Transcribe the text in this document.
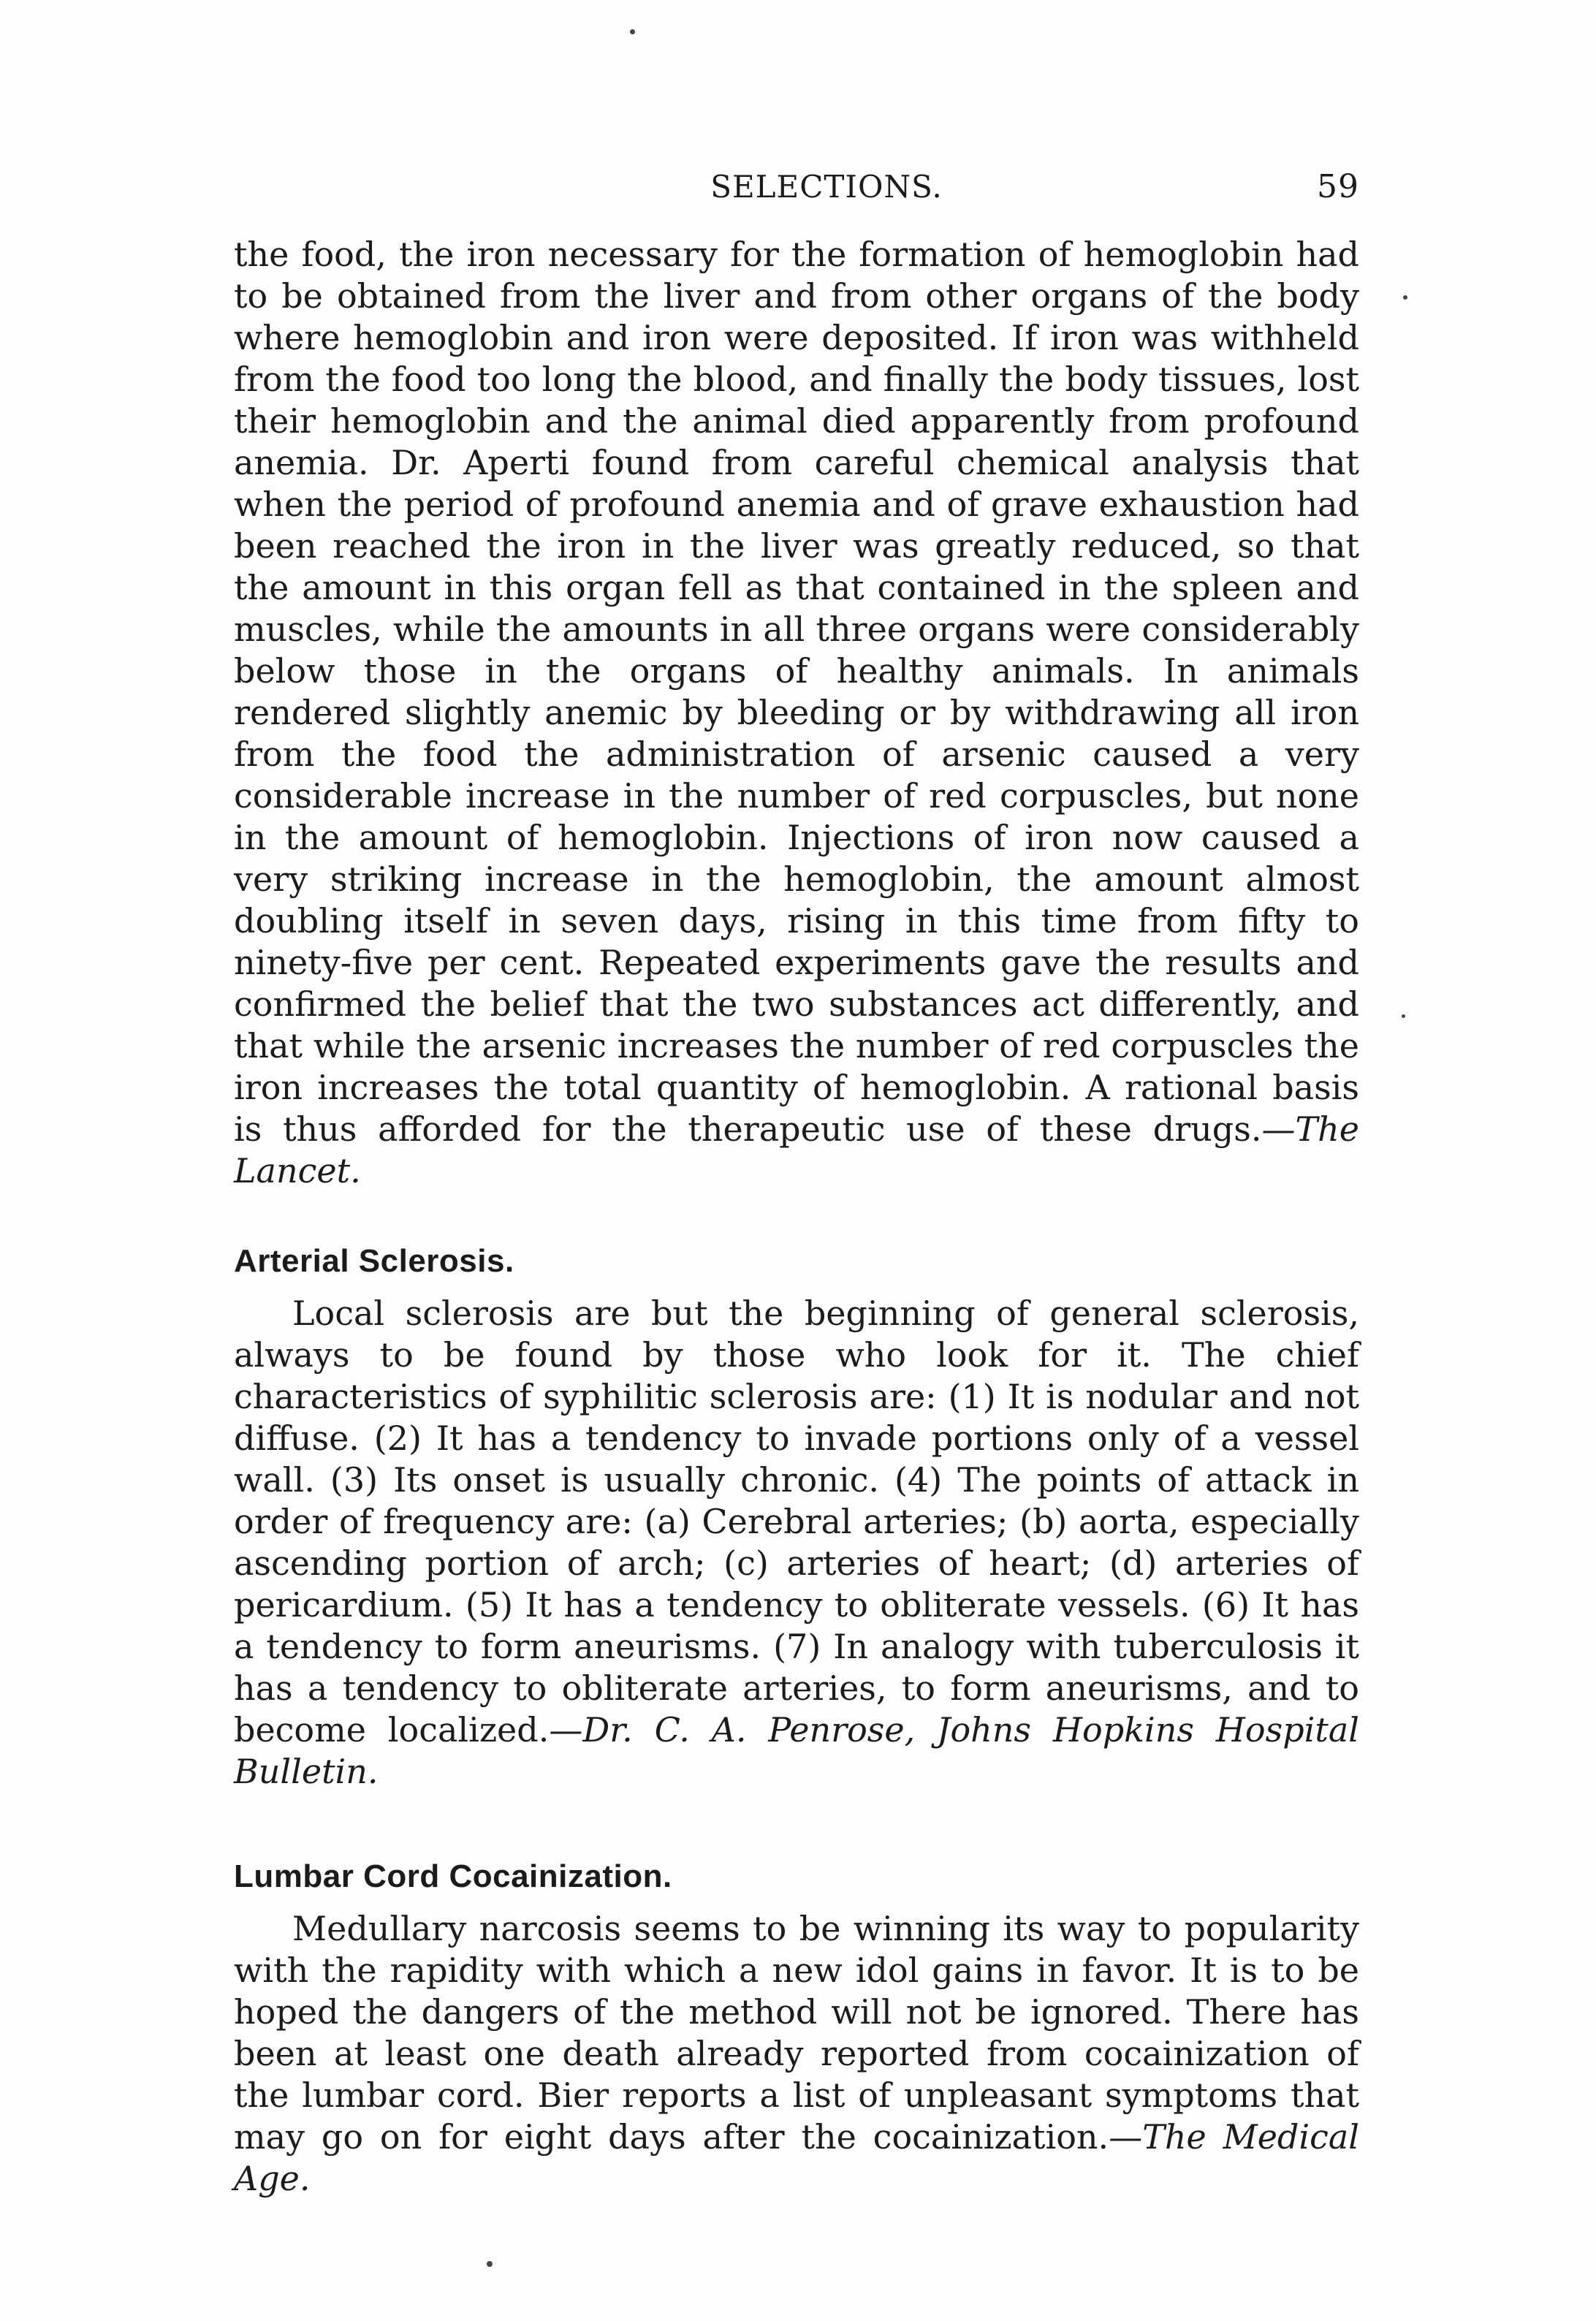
SELECTIONS.	59

the food, the iron necessary for the formation of hemoglobin had to be obtained from the liver and from other organs of the body where hemoglobin and iron were deposited. If iron was withheld from the food too long the blood, and finally the body tissues, lost their hemoglobin and the animal died apparently from profound anemia. Dr. Aperti found from careful chemical analysis that when the period of profound anemia and of grave exhaustion had been reached the iron in the liver was greatly reduced, so that the amount in this organ fell as that contained in the spleen and muscles, while the amounts in all three organs were considerably below those in the organs of healthy animals. In animals rendered slightly anemic by bleeding or by withdrawing all iron from the food the administration of arsenic caused a very considerable increase in the number of red corpuscles, but none in the amount of hemoglobin. Injections of iron now caused a very striking increase in the hemoglobin, the amount almost doubling itself in seven days, rising in this time from fifty to ninety-five per cent. Repeated experiments gave the results and confirmed the belief that the two substances act differently, and that while the arsenic increases the number of red corpuscles the iron increases the total quantity of hemoglobin. A rational basis is thus afforded for the therapeutic use of these drugs.—The Lancet.

Arterial Sclerosis.

Local sclerosis are but the beginning of general sclerosis, always to be found by those who look for it. The chief characteristics of syphilitic sclerosis are: (1) It is nodular and not diffuse. (2) It has a tendency to invade portions only of a vessel wall. (3) Its onset is usually chronic. (4) The points of attack in order of frequency are: (a) Cerebral arteries; (b) aorta, especially ascending portion of arch; (c) arteries of heart; (d) arteries of pericardium. (5) It has a tendency to obliterate vessels. (6) It has a tendency to form aneurisms. (7) In analogy with tuberculosis it has a tendency to obliterate arteries, to form aneurisms, and to become localized.—Dr. C. A. Penrose, Johns Hopkins Hospital Bulletin.

Lumbar Cord Cocainization.

Medullary narcosis seems to be winning its way to popularity with the rapidity with which a new idol gains in favor. It is to be hoped the dangers of the method will not be ignored. There has been at least one death already reported from cocainization of the lumbar cord. Bier reports a list of unpleasant symptoms that may go on for eight days after the cocainization.—The Medical Age.
